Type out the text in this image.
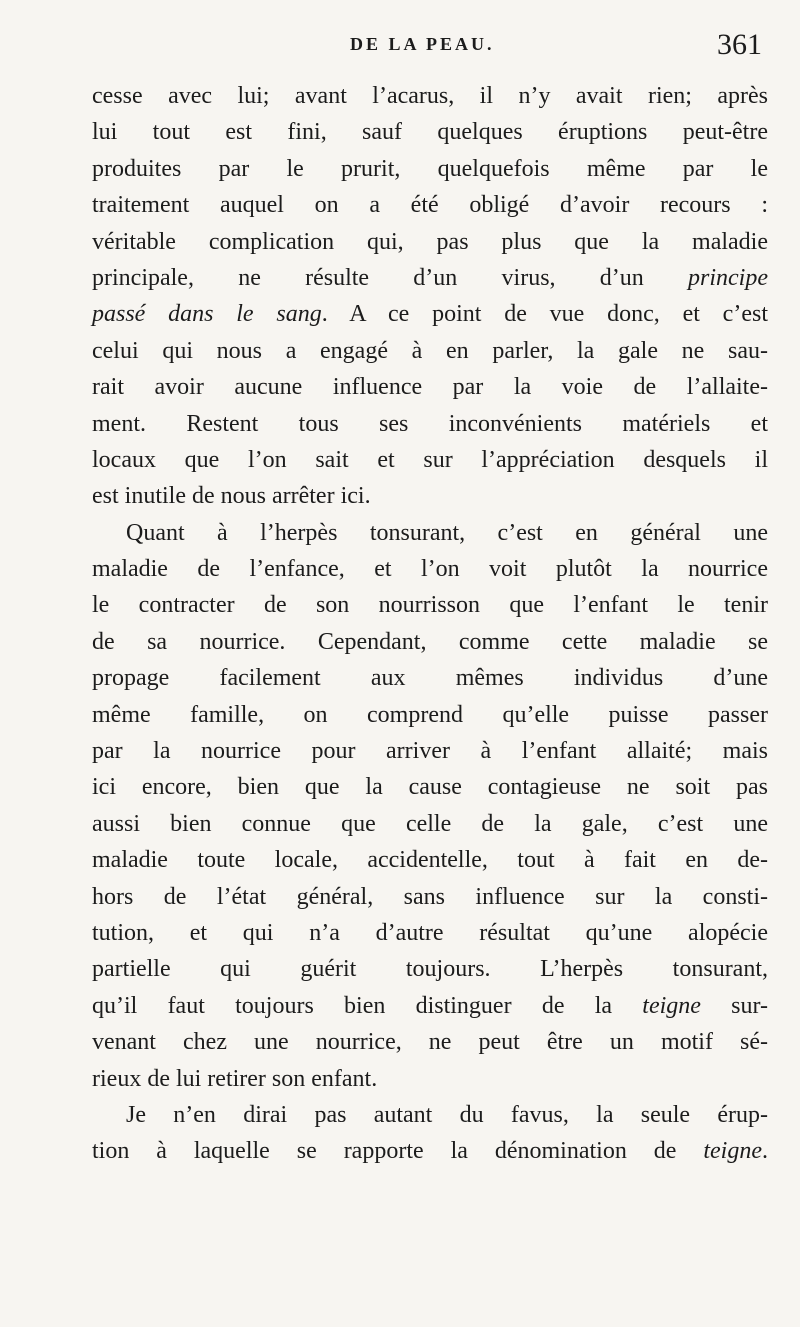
DE LA PEAU.	361
cesse avec lui; avant l’acarus, il n’y avait rien; après
lui tout est fini, sauf quelques éruptions peut-être
produites par le prurit, quelquefois même par le
traitement auquel on a été obligé d’avoir recours :
véritable complication qui, pas plus que la maladie
principale, ne résulte d’un virus, d’un principe
passé dans le sang. A ce point de vue donc, et c’est
celui qui nous a engagé à en parler, la gale ne sau-
rait avoir aucune influence par la voie de l’allaite-
ment. Restent tous ses inconvénients matériels et
locaux que l’on sait et sur l’appréciation desquels il
est inutile de nous arrêter ici.
Quant à l’herpès tonsurant, c’est en général une
maladie de l’enfance, et l’on voit plutôt la nourrice
le contracter de son nourrisson que l’enfant le tenir
de sa nourrice. Cependant, comme cette maladie se
propage facilement aux mêmes individus d’une
même famille, on comprend qu’elle puisse passer
par la nourrice pour arriver à l’enfant allaité; mais
ici encore, bien que la cause contagieuse ne soit pas
aussi bien connue que celle de la gale, c’est une
maladie toute locale, accidentelle, tout à fait en de-
hors de l’état général, sans influence sur la consti-
tution, et qui n’a d’autre résultat qu’une alopécie
partielle qui guérit toujours. L’herpès tonsurant,
qu’il faut toujours bien distinguer de la teigne sur-
venant chez une nourrice, ne peut être un motif sé-
rieux de lui retirer son enfant.
Je n’en dirai pas autant du favus, la seule érup-
tion à laquelle se rapporte la dénomination de teigne.
